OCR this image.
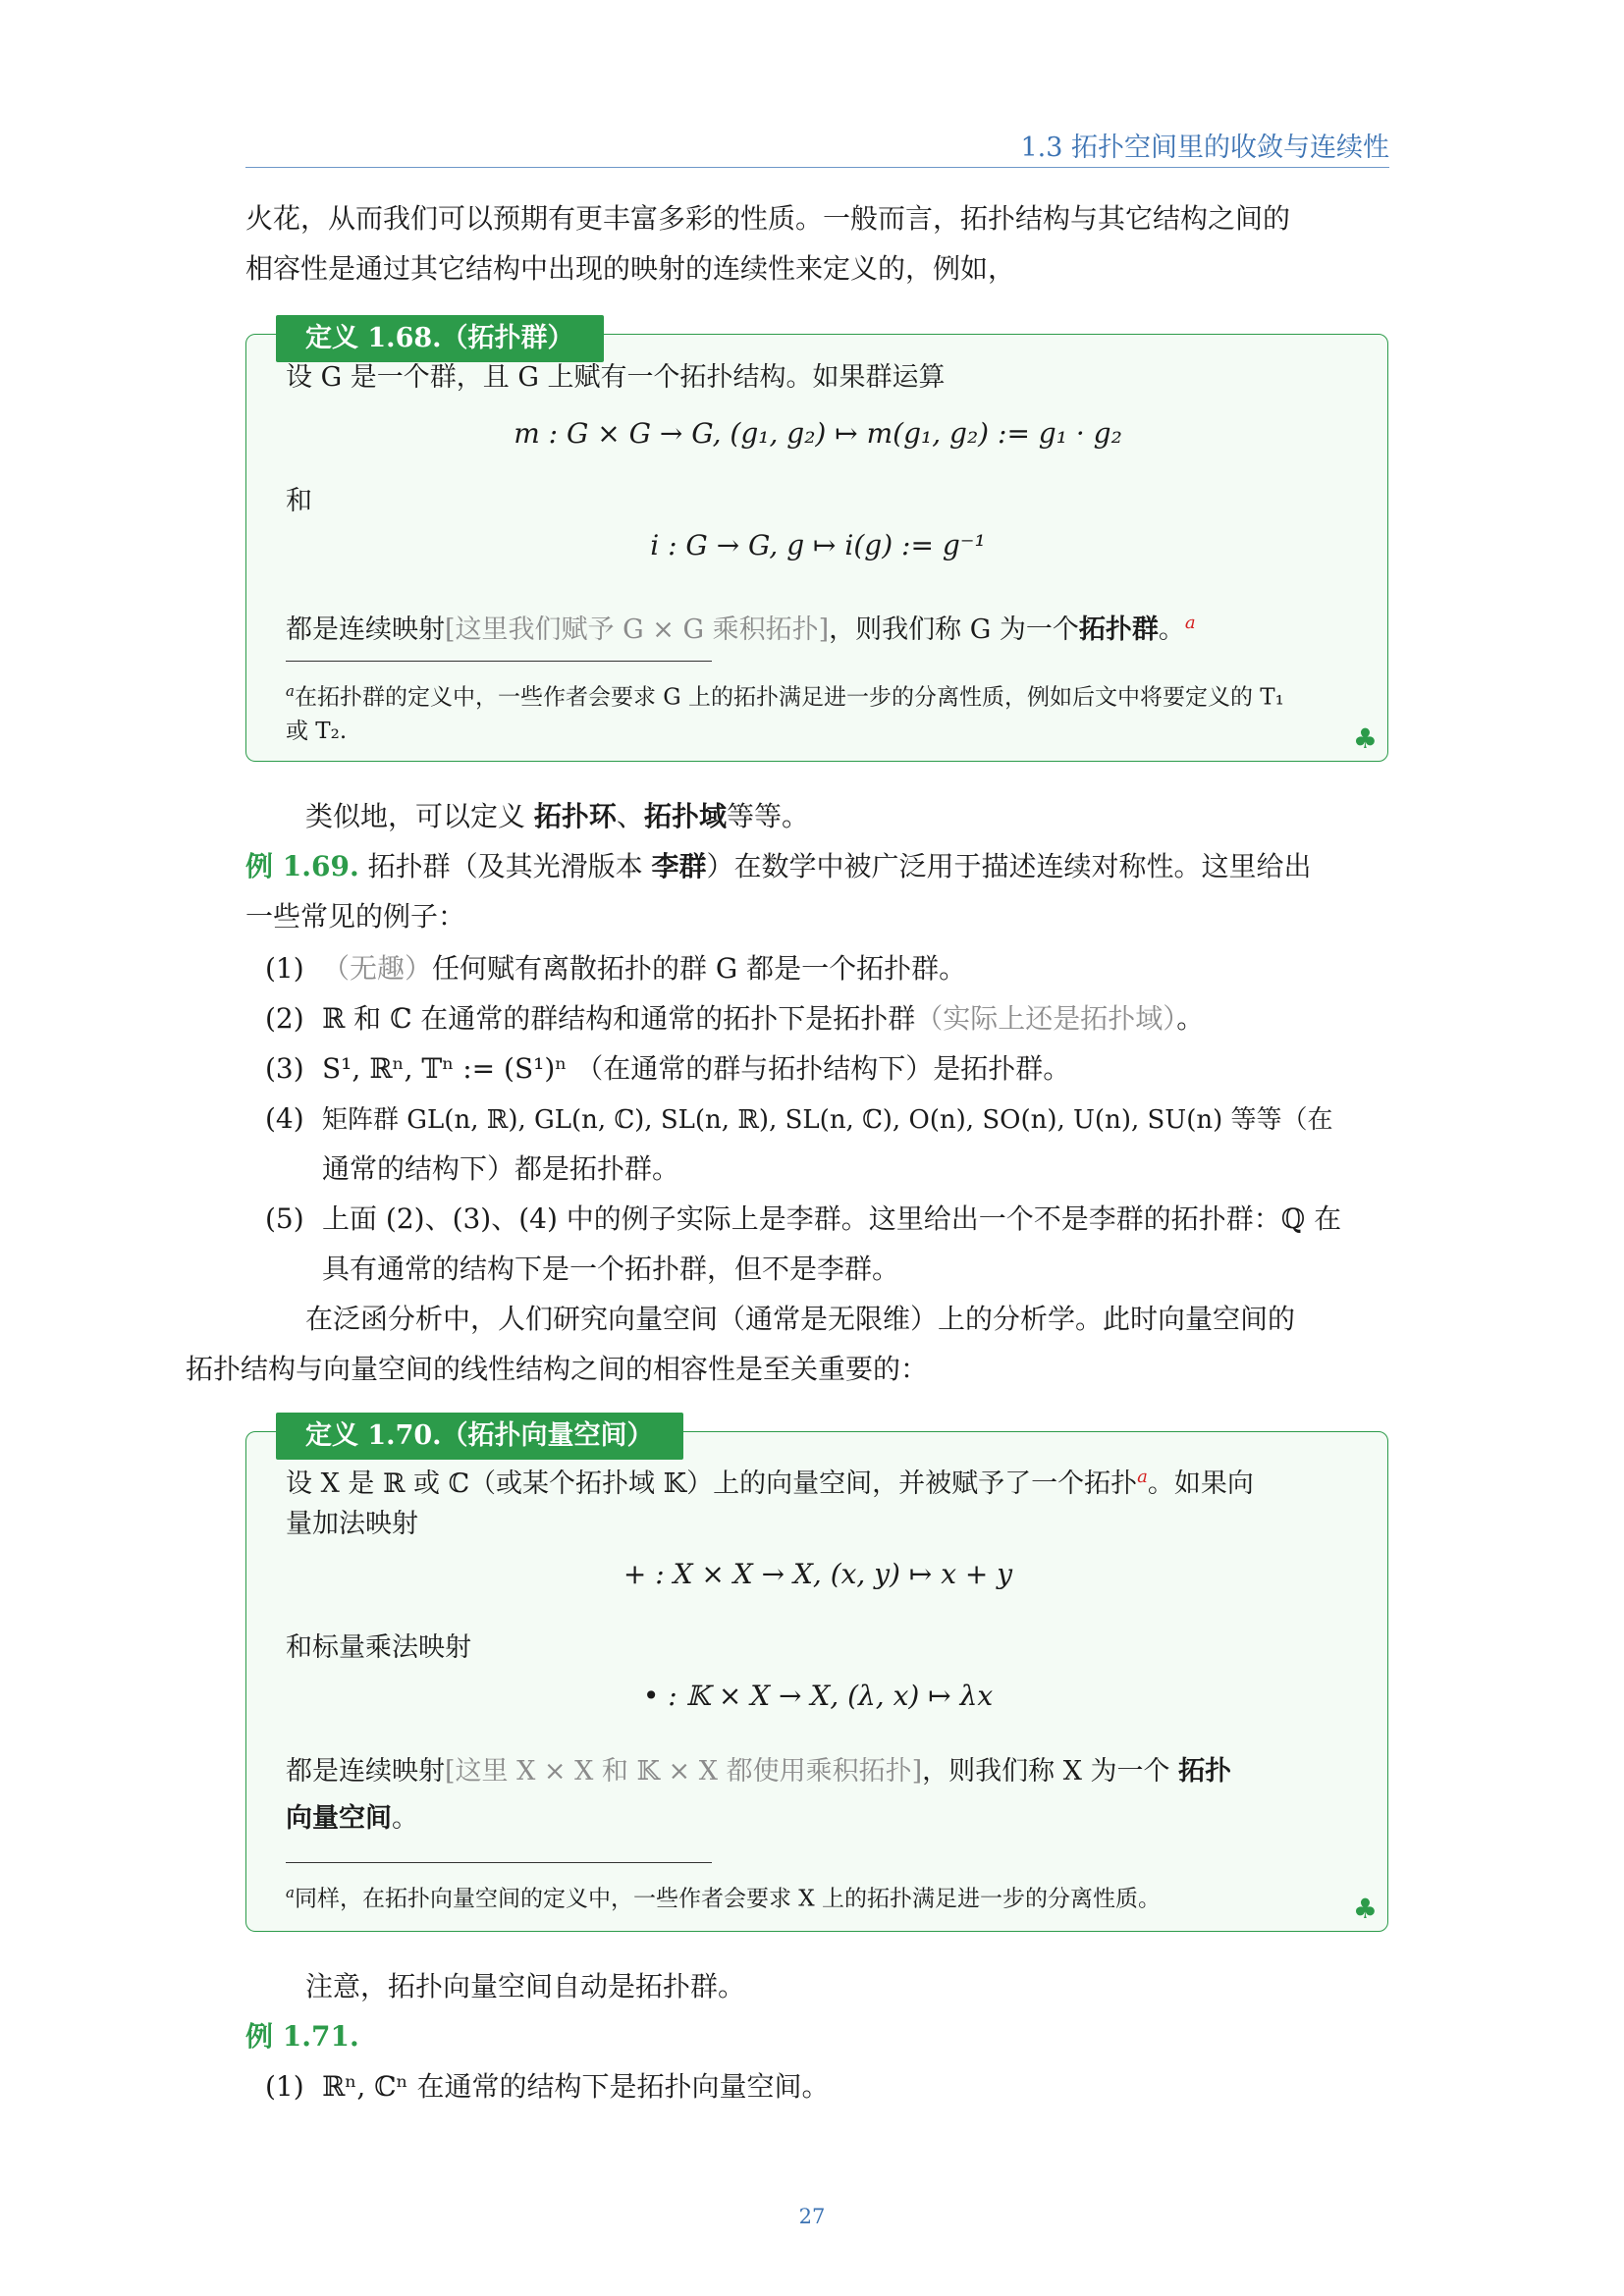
1.3 拓扑空间里的收敛与连续性

火花，从而我们可以预期有更丰富多彩的性质。一般而言，拓扑结构与其它结构之间的
相容性是通过其它结构中出现的映射的连续性来定义的，例如，

定义 1.68.（拓扑群）

设 G 是一个群，且 G 上赋有一个拓扑结构。如果群运算

m : G × G → G, (g₁, g₂) ↦ m(g₁, g₂) := g₁ · g₂

和

i : G → G, g ↦ i(g) := g⁻¹

都是连续映射[这里我们赋予 G × G 乘积拓扑]，则我们称 G 为一个拓扑群。$^a$

$^a$在拓扑群的定义中，一些作者会要求 G 上的拓扑满足进一步的分离性质，例如后文中将要定义的 T₁
或 T₂.	♣

类似地，可以定义 拓扑环、拓扑域等等。

例 1.69. 拓扑群（及其光滑版本 李群）在数学中被广泛用于描述连续对称性。这里给出
一些常见的例子：

(1) （无趣）任何赋有离散拓扑的群 G 都是一个拓扑群。

(2) ℝ 和 ℂ 在通常的群结构和通常的拓扑下是拓扑群（实际上还是拓扑域）。

(3) S¹, ℝⁿ, 𝕋ⁿ := (S¹)ⁿ （在通常的群与拓扑结构下）是拓扑群。

(4) 矩阵群 GL(n, ℝ), GL(n, ℂ), SL(n, ℝ), SL(n, ℂ), O(n), SO(n), U(n), SU(n) 等等（在

通常的结构下）都是拓扑群。

(5) 上面 (2)、(3)、(4) 中的例子实际上是李群。这里给出一个不是李群的拓扑群：ℚ 在

具有通常的结构下是一个拓扑群，但不是李群。

在泛函分析中，人们研究向量空间（通常是无限维）上的分析学。此时向量空间的
拓扑结构与向量空间的线性结构之间的相容性是至关重要的：

定义 1.70.（拓扑向量空间）

设 X 是 ℝ 或 ℂ（或某个拓扑域 𝕂）上的向量空间，并被赋予了一个拓扑$^a$。如果向

量加法映射

+ : X × X → X, (x, y) ↦ x + y

和标量乘法映射

• : 𝕂 × X → X, (λ, x) ↦ λx

都是连续映射[这里 X × X 和 𝕂 × X 都使用乘积拓扑]，则我们称 X 为一个 拓扑

向量空间。

$^a$同样，在拓扑向量空间的定义中，一些作者会要求 X 上的拓扑满足进一步的分离性质。	♣

注意，拓扑向量空间自动是拓扑群。

例 1.71.

(1) ℝⁿ, ℂⁿ 在通常的结构下是拓扑向量空间。

27
